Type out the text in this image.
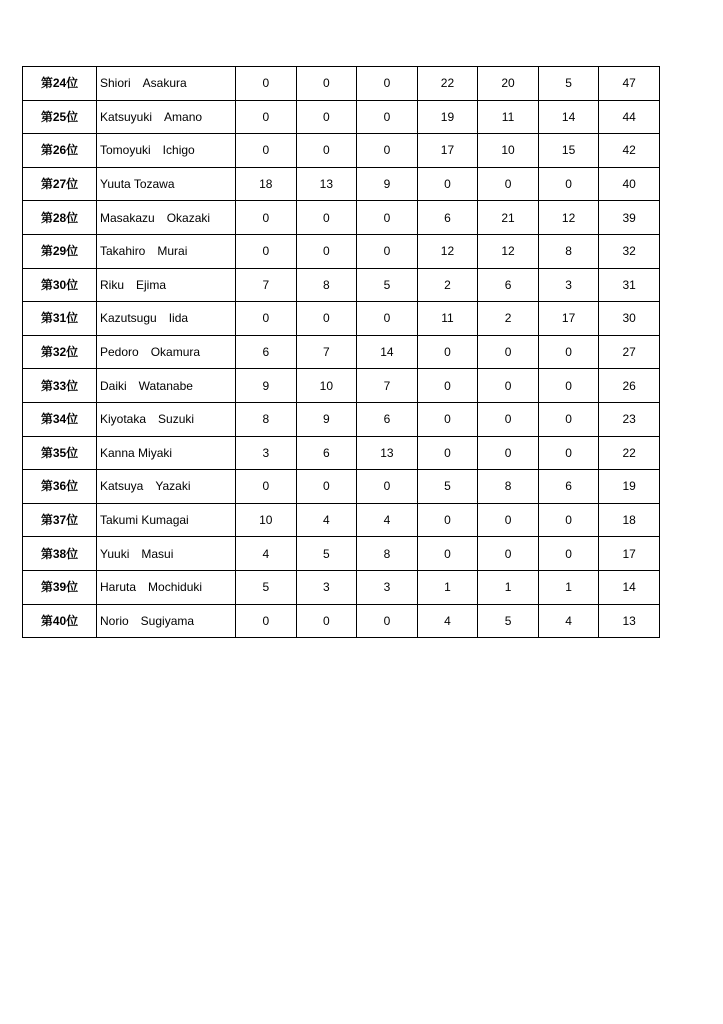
第24位	Shiori　Asakura	0	0	0	22	20	5	47
第25位	Katsuyuki　Amano	0	0	0	19	11	14	44
第26位	Tomoyuki　Ichigo	0	0	0	17	10	15	42
第27位	Yuuta Tozawa	18	13	9	0	0	0	40
第28位	Masakazu　Okazaki	0	0	0	6	21	12	39
第29位	Takahiro　Murai	0	0	0	12	12	8	32
第30位	Riku　Ejima	7	8	5	2	6	3	31
第31位	Kazutsugu　Iida	0	0	0	11	2	17	30
第32位	Pedoro　Okamura	6	7	14	0	0	0	27
第33位	Daiki　Watanabe	9	10	7	0	0	0	26
第34位	Kiyotaka　Suzuki	8	9	6	0	0	0	23
第35位	Kanna Miyaki	3	6	13	0	0	0	22
第36位	Katsuya　Yazaki	0	0	0	5	8	6	19
第37位	Takumi Kumagai	10	4	4	0	0	0	18
第38位	Yuuki　Masui	4	5	8	0	0	0	17
第39位	Haruta　Mochiduki	5	3	3	1	1	1	14
第40位	Norio　Sugiyama	0	0	0	4	5	4	13
